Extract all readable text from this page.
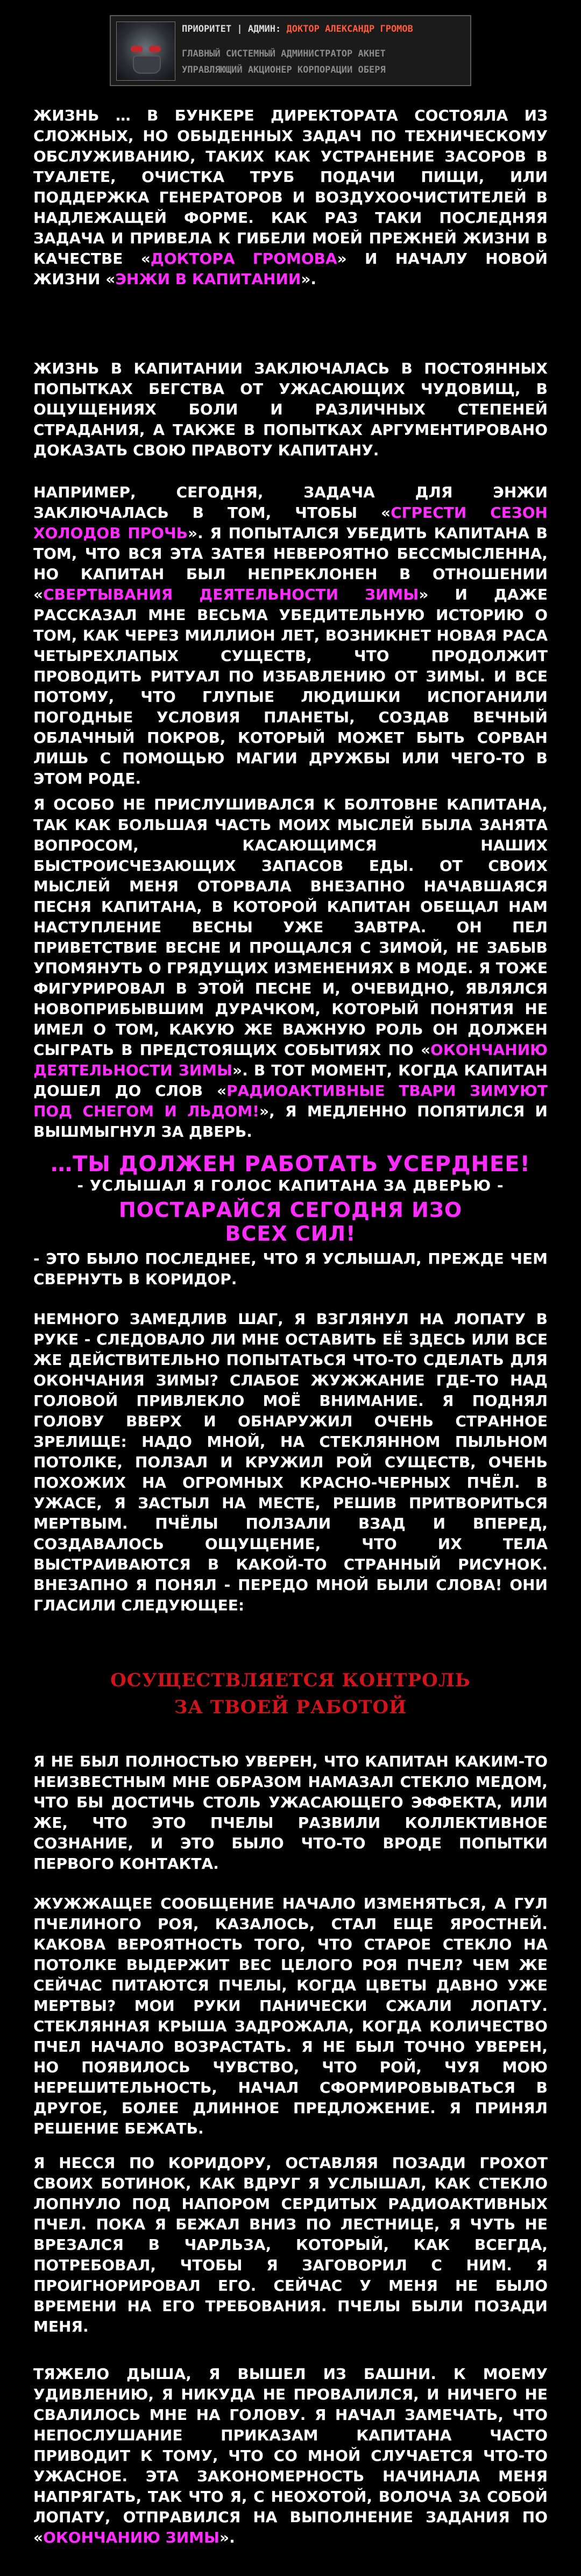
ПРИОРИТЕТ | АДМИН: ДОКТОР АЛЕКСАНДР ГРОМОВ
ГЛАВНЫЙ СИСТЕМНЫЙ АДМИНИСТРАТОР АКНЕТ
УПРАВЛЯЮЩИЙ АКЦИОНЕР КОРПОРАЦИИ ОБЕРЯ
ЖИЗНЬ … В БУНКЕРЕ ДИРЕКТОРАТА СОСТОЯЛА ИЗ СЛОЖНЫХ, НО ОБЫДЕННЫХ ЗАДАЧ ПО ТЕХНИЧЕСКОМУ ОБСЛУЖИВАНИЮ, ТАКИХ КАК УСТРАНЕНИЕ ЗАСОРОВ В ТУАЛЕТЕ, ОЧИСТКА ТРУБ ПОДАЧИ ПИЩИ, ИЛИ ПОДДЕРЖКА ГЕНЕРАТОРОВ И ВОЗДУХООЧИСТИТЕЛЕЙ В НАДЛЕЖАЩЕЙ ФОРМЕ. КАК РАЗ ТАКИ ПОСЛЕДНЯЯ ЗАДАЧА И ПРИВЕЛА К ГИБЕЛИ МОЕЙ ПРЕЖНЕЙ ЖИЗНИ В КАЧЕСТВЕ «ДОКТОРА ГРОМОВА» И НАЧАЛУ НОВОЙ ЖИЗНИ «ЭНЖИ В КАПИТАНИИ».
ЖИЗНЬ В КАПИТАНИИ ЗАКЛЮЧАЛАСЬ В ПОСТОЯННЫХ ПОПЫТКАХ БЕГСТВА ОТ УЖАСАЮЩИХ ЧУДОВИЩ, В ОЩУЩЕНИЯХ БОЛИ И РАЗЛИЧНЫХ СТЕПЕНЕЙ СТРАДАНИЯ, А ТАКЖЕ В ПОПЫТКАХ АРГУМЕНТИРОВАНО ДОКАЗАТЬ СВОЮ ПРАВОТУ КАПИТАНУ.
НАПРИМЕР, СЕГОДНЯ, ЗАДАЧА ДЛЯ ЭНЖИ ЗАКЛЮЧАЛАСЬ В ТОМ, ЧТОБЫ «СГРЕСТИ СЕЗОН ХОЛОДОВ ПРОЧЬ». Я ПОПЫТАЛСЯ УБЕДИТЬ КАПИТАНА В ТОМ, ЧТО ВСЯ ЭТА ЗАТЕЯ НЕВЕРОЯТНО БЕССМЫСЛЕННА, НО КАПИТАН БЫЛ НЕПРЕКЛОНЕН В ОТНОШЕНИИ «СВЕРТЫВАНИЯ ДЕЯТЕЛЬНОСТИ ЗИМЫ» И ДАЖЕ РАССКАЗАЛ МНЕ ВЕСЬМА УБЕДИТЕЛЬНУЮ ИСТОРИЮ О ТОМ, КАК ЧЕРЕЗ МИЛЛИОН ЛЕТ, ВОЗНИКНЕТ НОВАЯ РАСА ЧЕТЫРЕХЛАПЫХ СУЩЕСТВ, ЧТО ПРОДОЛЖИТ ПРОВОДИТЬ РИТУАЛ ПО ИЗБАВЛЕНИЮ ОТ ЗИМЫ. И ВСЕ ПОТОМУ, ЧТО ГЛУПЫЕ ЛЮДИШКИ ИСПОГАНИЛИ ПОГОДНЫЕ УСЛОВИЯ ПЛАНЕТЫ, СОЗДАВ ВЕЧНЫЙ ОБЛАЧНЫЙ ПОКРОВ, КОТОРЫЙ МОЖЕТ БЫТЬ СОРВАН ЛИШЬ С ПОМОЩЬЮ МАГИИ ДРУЖБЫ ИЛИ ЧЕГО-ТО В ЭТОМ РОДЕ.
Я ОСОБО НЕ ПРИСЛУШИВАЛСЯ К БОЛТОВНЕ КАПИТАНА, ТАК КАК БОЛЬШАЯ ЧАСТЬ МОИХ МЫСЛЕЙ БЫЛА ЗАНЯТА ВОПРОСОМ, КАСАЮЩИМСЯ НАШИХ БЫСТРОИСЧЕЗАЮЩИХ ЗАПАСОВ ЕДЫ. ОТ СВОИХ МЫСЛЕЙ МЕНЯ ОТОРВАЛА ВНЕЗАПНО НАЧАВШАЯСЯ ПЕСНЯ КАПИТАНА, В КОТОРОЙ КАПИТАН ОБЕЩАЛ НАМ НАСТУПЛЕНИЕ ВЕСНЫ УЖЕ ЗАВТРА. ОН ПЕЛ ПРИВЕТСТВИЕ ВЕСНЕ И ПРОЩАЛСЯ С ЗИМОЙ, НЕ ЗАБЫВ УПОМЯНУТЬ О ГРЯДУЩИХ ИЗМЕНЕНИЯХ В МОДЕ. Я ТОЖЕ ФИГУРИРОВАЛ В ЭТОЙ ПЕСНЕ И, ОЧЕВИДНО, ЯВЛЯЛСЯ НОВОПРИБЫВШИМ ДУРАЧКОМ, КОТОРЫЙ ПОНЯТИЯ НЕ ИМЕЛ О ТОМ, КАКУЮ ЖЕ ВАЖНУЮ РОЛЬ ОН ДОЛЖЕН СЫГРАТЬ В ПРЕДСТОЯЩИХ СОБЫТИЯХ ПО «ОКОНЧАНИЮ ДЕЯТЕЛЬНОСТИ ЗИМЫ». В ТОТ МОМЕНТ, КОГДА КАПИТАН ДОШЕЛ ДО СЛОВ «РАДИОАКТИВНЫЕ ТВАРИ ЗИМУЮТ ПОД СНЕГОМ И ЛЬДОМ!», Я МЕДЛЕННО ПОПЯТИЛСЯ И ВЫШМЫГНУЛ ЗА ДВЕРЬ.
…ТЫ ДОЛЖЕН РАБОТАТЬ УСЕРДНЕЕ!
- УСЛЫШАЛ Я ГОЛОС КАПИТАНА ЗА ДВЕРЬЮ -
ПОСТАРАЙСЯ СЕГОДНЯ ИЗО
ВСЕХ СИЛ!
- ЭТО БЫЛО ПОСЛЕДНЕЕ, ЧТО Я УСЛЫШАЛ, ПРЕЖДЕ ЧЕМ СВЕРНУТЬ В КОРИДОР.
НЕМНОГО ЗАМЕДЛИВ ШАГ, Я ВЗГЛЯНУЛ НА ЛОПАТУ В РУКЕ - СЛЕДОВАЛО ЛИ МНЕ ОСТАВИТЬ ЕЁ ЗДЕСЬ ИЛИ ВСЕ ЖЕ ДЕЙСТВИТЕЛЬНО ПОПЫТАТЬСЯ ЧТО-ТО СДЕЛАТЬ ДЛЯ ОКОНЧАНИЯ ЗИМЫ? СЛАБОЕ ЖУЖЖАНИЕ ГДЕ-ТО НАД ГОЛОВОЙ ПРИВЛЕКЛО МОЁ ВНИМАНИЕ. Я ПОДНЯЛ ГОЛОВУ ВВЕРХ И ОБНАРУЖИЛ ОЧЕНЬ СТРАННОЕ ЗРЕЛИЩЕ: НАДО МНОЙ, НА СТЕКЛЯННОМ ПЫЛЬНОМ ПОТОЛКЕ, ПОЛЗАЛ И КРУЖИЛ РОЙ СУЩЕСТВ, ОЧЕНЬ ПОХОЖИХ НА ОГРОМНЫХ КРАСНО-ЧЕРНЫХ ПЧЁЛ. В УЖАСЕ, Я ЗАСТЫЛ НА МЕСТЕ, РЕШИВ ПРИТВОРИТЬСЯ МЕРТВЫМ. ПЧЁЛЫ ПОЛЗАЛИ ВЗАД И ВПЕРЕД, СОЗДАВАЛОСЬ ОЩУЩЕНИЕ, ЧТО ИХ ТЕЛА ВЫСТРАИВАЮТСЯ В КАКОЙ-ТО СТРАННЫЙ РИСУНОК. ВНЕЗАПНО Я ПОНЯЛ - ПЕРЕДО МНОЙ БЫЛИ СЛОВА! ОНИ ГЛАСИЛИ СЛЕДУЮЩЕЕ:
ОСУЩЕСТВЛЯЕТСЯ КОНТРОЛЬ
ЗА ТВОЕЙ РАБОТОЙ
Я НЕ БЫЛ ПОЛНОСТЬЮ УВЕРЕН, ЧТО КАПИТАН КАКИМ-ТО НЕИЗВЕСТНЫМ МНЕ ОБРАЗОМ НАМАЗАЛ СТЕКЛО МЕДОМ, ЧТО БЫ ДОСТИЧЬ СТОЛЬ УЖАСАЮЩЕГО ЭФФЕКТА, ИЛИ ЖЕ, ЧТО ЭТО ПЧЕЛЫ РАЗВИЛИ КОЛЛЕКТИВНОЕ СОЗНАНИЕ, И ЭТО БЫЛО ЧТО-ТО ВРОДЕ ПОПЫТКИ ПЕРВОГО КОНТАКТА.
ЖУЖЖАЩЕЕ СООБЩЕНИЕ НАЧАЛО ИЗМЕНЯТЬСЯ, А ГУЛ ПЧЕЛИНОГО РОЯ, КАЗАЛОСЬ, СТАЛ ЕЩЕ ЯРОСТНЕЙ. КАКОВА ВЕРОЯТНОСТЬ ТОГО, ЧТО СТАРОЕ СТЕКЛО НА ПОТОЛКЕ ВЫДЕРЖИТ ВЕС ЦЕЛОГО РОЯ ПЧЕЛ? ЧЕМ ЖЕ СЕЙЧАС ПИТАЮТСЯ ПЧЕЛЫ, КОГДА ЦВЕТЫ ДАВНО УЖЕ МЕРТВЫ? МОИ РУКИ ПАНИЧЕСКИ СЖАЛИ ЛОПАТУ. СТЕКЛЯННАЯ КРЫША ЗАДРОЖАЛА, КОГДА КОЛИЧЕСТВО ПЧЕЛ НАЧАЛО ВОЗРАСТАТЬ. Я НЕ БЫЛ ТОЧНО УВЕРЕН, НО ПОЯВИЛОСЬ ЧУВСТВО, ЧТО РОЙ, ЧУЯ МОЮ НЕРЕШИТЕЛЬНОСТЬ, НАЧАЛ СФОРМИРОВЫВАТЬСЯ В ДРУГОЕ, БОЛЕЕ ДЛИННОЕ ПРЕДЛОЖЕНИЕ. Я ПРИНЯЛ РЕШЕНИЕ БЕЖАТЬ.
Я НЕССЯ ПО КОРИДОРУ, ОСТАВЛЯЯ ПОЗАДИ ГРОХОТ СВОИХ БОТИНОК, КАК ВДРУГ Я УСЛЫШАЛ, КАК СТЕКЛО ЛОПНУЛО ПОД НАПОРОМ СЕРДИТЫХ РАДИОАКТИВНЫХ ПЧЕЛ. ПОКА Я БЕЖАЛ ВНИЗ ПО ЛЕСТНИЦЕ, Я ЧУТЬ НЕ ВРЕЗАЛСЯ В ЧАРЛЬЗА, КОТОРЫЙ, КАК ВСЕГДА, ПОТРЕБОВАЛ, ЧТОБЫ Я ЗАГОВОРИЛ С НИМ. Я ПРОИГНОРИРОВАЛ ЕГО. СЕЙЧАС У МЕНЯ НЕ БЫЛО ВРЕМЕНИ НА ЕГО ТРЕБОВАНИЯ. ПЧЕЛЫ БЫЛИ ПОЗАДИ МЕНЯ.
ТЯЖЕЛО ДЫША, Я ВЫШЕЛ ИЗ БАШНИ. К МОЕМУ УДИВЛЕНИЮ, Я НИКУДА НЕ ПРОВАЛИЛСЯ, И НИЧЕГО НЕ СВАЛИЛОСЬ МНЕ НА ГОЛОВУ. Я НАЧАЛ ЗАМЕЧАТЬ, ЧТО НЕПОСЛУШАНИЕ ПРИКАЗАМ КАПИТАНА ЧАСТО ПРИВОДИТ К ТОМУ, ЧТО СО МНОЙ СЛУЧАЕТСЯ ЧТО-ТО УЖАСНОЕ. ЭТА ЗАКОНОМЕРНОСТЬ НАЧИНАЛА МЕНЯ НАПРЯГАТЬ, ТАК ЧТО Я, С НЕОХОТОЙ, ВОЛОЧА ЗА СОБОЙ ЛОПАТУ, ОТПРАВИЛСЯ НА ВЫПОЛНЕНИЕ ЗАДАНИЯ ПО «ОКОНЧАНИЮ ЗИМЫ».
